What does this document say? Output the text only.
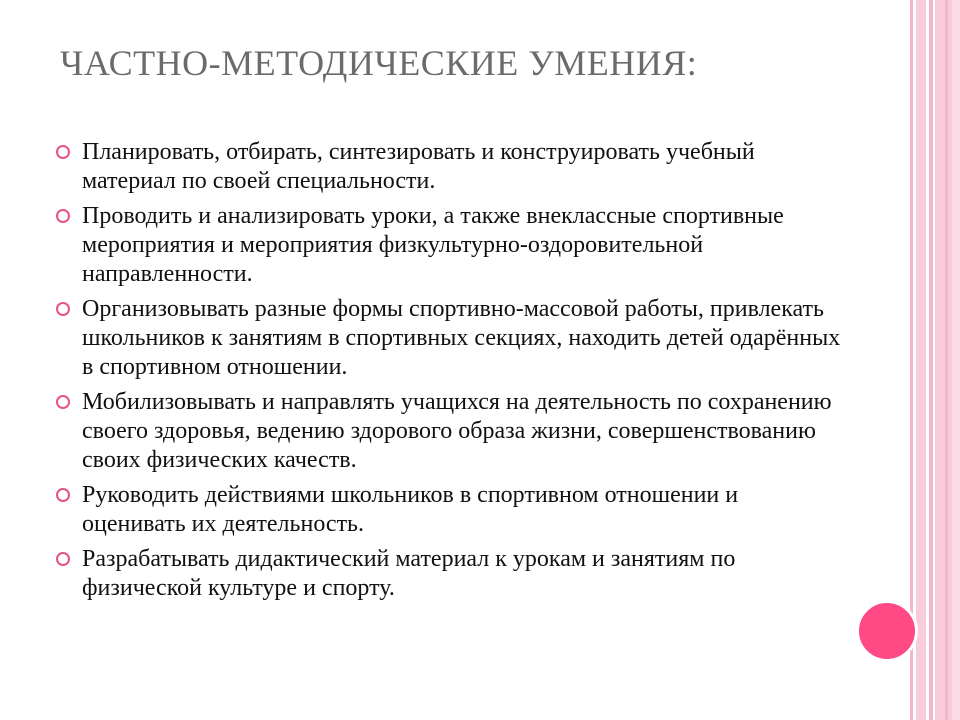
ЧАСТНО-МЕТОДИЧЕСКИЕ УМЕНИЯ:
Планировать, отбирать, синтезировать и конструировать учебный материал по своей специальности.
Проводить и анализировать уроки, а также внеклассные спортивные мероприятия и мероприятия физкультурно-оздоровительной направленности.
Организовывать разные формы спортивно-массовой работы, привлекать школьников к занятиям в спортивных секциях, находить детей одарённых в спортивном отношении.
Мобилизовывать и направлять учащихся на деятельность по сохранению своего здоровья, ведению здорового образа жизни, совершенствованию своих физических качеств.
Руководить действиями школьников в спортивном отношении и оценивать их деятельность.
Разрабатывать дидактический материал к урокам и занятиям по физической культуре и спорту.
